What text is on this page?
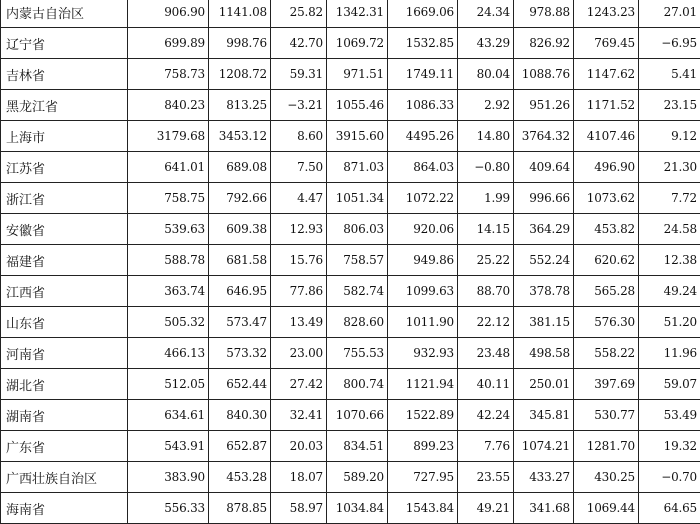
内蒙古自治区	906.90	1141.08	25.82	1342.31	1669.06	24.34	978.88	1243.23	27.01
辽宁省	699.89	998.76	42.70	1069.72	1532.85	43.29	826.92	769.45	−6.95
吉林省	758.73	1208.72	59.31	971.51	1749.11	80.04	1088.76	1147.62	5.41
黑龙江省	840.23	813.25	−3.21	1055.46	1086.33	2.92	951.26	1171.52	23.15
上海市	3179.68	3453.12	8.60	3915.60	4495.26	14.80	3764.32	4107.46	9.12
江苏省	641.01	689.08	7.50	871.03	864.03	−0.80	409.64	496.90	21.30
浙江省	758.75	792.66	4.47	1051.34	1072.22	1.99	996.66	1073.62	7.72
安徽省	539.63	609.38	12.93	806.03	920.06	14.15	364.29	453.82	24.58
福建省	588.78	681.58	15.76	758.57	949.86	25.22	552.24	620.62	12.38
江西省	363.74	646.95	77.86	582.74	1099.63	88.70	378.78	565.28	49.24
山东省	505.32	573.47	13.49	828.60	1011.90	22.12	381.15	576.30	51.20
河南省	466.13	573.32	23.00	755.53	932.93	23.48	498.58	558.22	11.96
湖北省	512.05	652.44	27.42	800.74	1121.94	40.11	250.01	397.69	59.07
湖南省	634.61	840.30	32.41	1070.66	1522.89	42.24	345.81	530.77	53.49
广东省	543.91	652.87	20.03	834.51	899.23	7.76	1074.21	1281.70	19.32
广西壮族自治区	383.90	453.28	18.07	589.20	727.95	23.55	433.27	430.25	−0.70
海南省	556.33	878.85	58.97	1034.84	1543.84	49.21	341.68	1069.44	64.65
